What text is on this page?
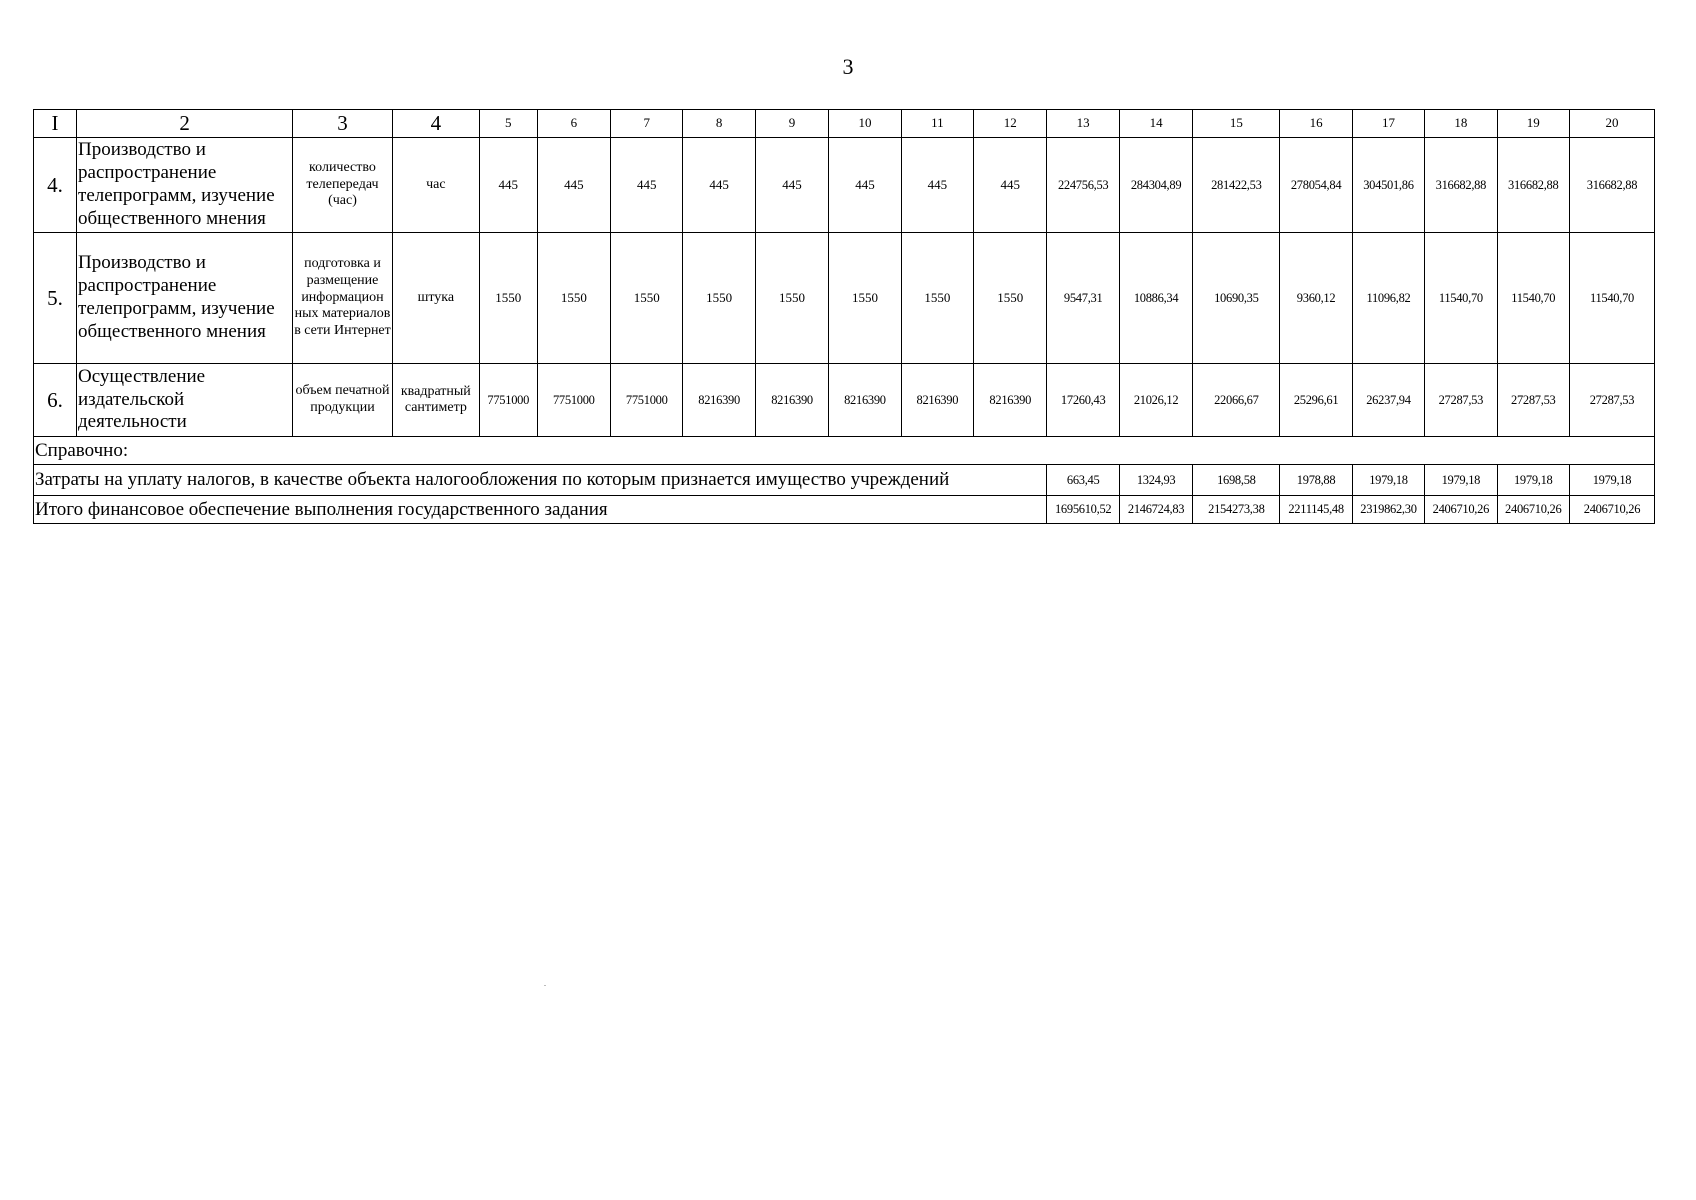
3
I	2	3	4	5	6	7	8	9	10	11	12	13	14	15	16	17	18	19	20
4.	Производство и распространение телепрограмм, изучение общественного мнения	количество телепередач (час)	час	445	445	445	445	445	445	445	445	224756,53	284304,89	281422,53	278054,84	304501,86	316682,88	316682,88	316682,88
5.	Производство и распространение телепрограмм, изучение общественного мнения	подготовка и размещение информацион ных материалов в сети Интернет	штука	1550	1550	1550	1550	1550	1550	1550	1550	9547,31	10886,34	10690,35	9360,12	11096,82	11540,70	11540,70	11540,70
6.	Осуществление издательской деятельности	объем печатной продукции	квадратный сантиметр	7751000	7751000	7751000	8216390	8216390	8216390	8216390	8216390	17260,43	21026,12	22066,67	25296,61	26237,94	27287,53	27287,53	27287,53
Справочно:																			
Затраты на уплату налогов, в качестве объекта налогообложения по которым признается имущество учреждений												663,45	1324,93	1698,58	1978,88	1979,18	1979,18	1979,18	1979,18
Итого финансовое обеспечение выполнения государственного задания												1695610,52	2146724,83	2154273,38	2211145,48	2319862,30	2406710,26	2406710,26	2406710,26
